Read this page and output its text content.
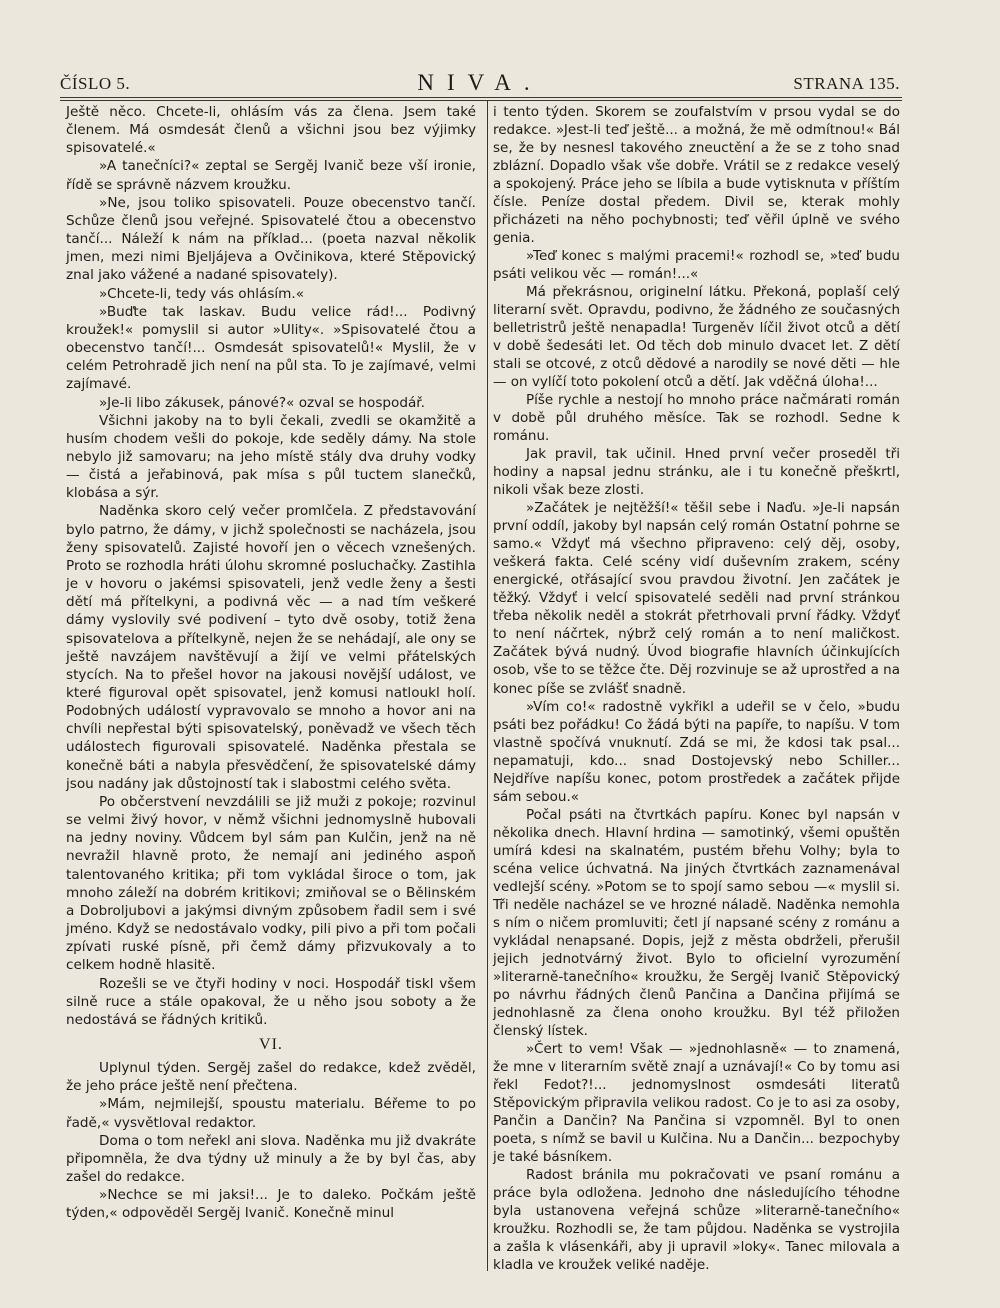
ČÍSLO 5.	NIVA.	STRANA 135.

Ještě něco. Chcete-li, ohlásím vás za člena. Jsem také členem. Má osmdesát členů a všichni jsou bez výjimky spisovatelé.«

»A tanečníci?« zeptal se Sergěj Ivanič beze vší ironie, řídě se správně názvem kroužku.

»Ne, jsou toliko spisovateli. Pouze obecenstvo tančí. Schůze členů jsou veřejné. Spisovatelé čtou a obecenstvo tančí... Náleží k nám na příklad... (poeta nazval několik jmen, mezi nimi Bjeljájeva a Ovčinikova, které Stěpovický znal jako vážené a nadané spisovately).

»Chcete-li, tedy vás ohlásím.«

»Buďte tak laskav. Budu velice rád!... Podivný kroužek!« pomyslil si autor »Ulity«. »Spisovatelé čtou a obecenstvo tančí!... Osmdesát spisovatelů!« Myslil, že v celém Petrohradě jich není na půl sta. To je zajímavé, velmi zajímavé.

»Je-li libo zákusek, pánové?« ozval se hospodář.

Všichni jakoby na to byli čekali, zvedli se okamžitě a husím chodem vešli do pokoje, kde seděly dámy. Na stole nebylo již samovaru; na jeho místě stály dva druhy vodky — čistá a jeřabinová, pak mísa s půl tuctem slanečků, klobása a sýr.

Naděnka skoro celý večer promlčela. Z představování bylo patrno, že dámy, v jichž společnosti se nacházela, jsou ženy spisovatelů. Zajisté hovoří jen o věcech vznešených. Proto se rozhodla hráti úlohu skromné posluchačky. Zastihla je v hovoru o jakémsi spisovateli, jenž vedle ženy a šesti dětí má přítelkyni, a podivná věc — a nad tím veškeré dámy vyslovily své podivení – tyto dvě osoby, totiž žena spisovatelova a přítelkyně, nejen že se nehádají, ale ony se ještě navzájem navštěvují a žijí ve velmi přátelských stycích. Na to přešel hovor na jakousi novější událost, ve které figuroval opět spisovatel, jenž komusi natloukl holí. Podobných událostí vypravovalo se mnoho a hovor ani na chvíli nepřestal býti spisovatelský, poněvadž ve všech těch událostech figurovali spisovatelé. Naděnka přestala se konečně báti a nabyla přesvědčení, že spisovatelské dámy jsou nadány jak důstojností tak i slabostmi celého světa.

Po občerstvení nevzdálili se již muži z pokoje; rozvinul se velmi živý hovor, v němž všichni jednomyslně hubovali na jedny noviny. Vůdcem byl sám pan Kulčin, jenž na ně nevražil hlavně proto, že nemají ani jediného aspoň talentovaného kritika; při tom vykládal široce o tom, jak mnoho záleží na dobrém kritikovi; zmiňoval se o Bělinském a Dobroljubovi a jakýmsi divným způsobem řadil sem i své jméno. Když se nedostávalo vodky, pili pivo a při tom počali zpívati ruské písně, při čemž dámy přizvukovaly a to celkem hodně hlasitě.

Rozešli se ve čtyři hodiny v noci. Hospodář tiskl všem silně ruce a stále opakoval, že u něho jsou soboty a že nedostává se řádných kritiků.

VI.

Uplynul týden. Sergěj zašel do redakce, kdež zvěděl, že jeho práce ještě není přečtena.

»Mám, nejmilejší, spoustu materialu. Béřeme to po řadě,« vysvětloval redaktor.

Doma o tom neřekl ani slova. Naděnka mu již dvakráte připomněla, že dva týdny už minuly a že by byl čas, aby zašel do redakce.

»Nechce se mi jaksi!... Je to daleko. Počkám ještě týden,« odpověděl Sergěj Ivanič. Konečně minul

i tento týden. Skorem se zoufalstvím v prsou vydal se do redakce. »Jest-li teď ještě... a možná, že mě odmítnou!« Bál se, že by nesnesl takového zneuctění a že se z toho snad zblázní. Dopadlo však vše dobře. Vrátil se z redakce veselý a spokojený. Práce jeho se líbila a bude vytisknuta v příštím čísle. Peníze dostal předem. Divil se, kterak mohly přicházeti na něho pochybnosti; teď věřil úplně ve svého genia.

»Teď konec s malými pracemi!« rozhodl se, »teď budu psáti velikou věc — román!...«

Má překrásnou, originelní látku. Překoná, poplaší celý literarní svět. Opravdu, podivno, že žádného ze současných belletristrů ještě nenapadla! Turgeněv líčil život otců a dětí v době šedesáti let. Od těch dob minulo dvacet let. Z dětí stali se otcové, z otců dědové a narodily se nové děti — hle — on vylíčí toto pokolení otců a dětí. Jak vděčná úloha!...

Píše rychle a nestojí ho mnoho práce načmárati román v době půl druhého měsíce. Tak se rozhodl. Sedne k románu.

Jak pravil, tak učinil. Hned první večer proseděl tři hodiny a napsal jednu stránku, ale i tu konečně přeškrtl, nikoli však beze zlosti.

»Začátek je nejtěžší!« těšil sebe i Naďu. »Je-li napsán první oddíl, jakoby byl napsán celý román Ostatní pohrne se samo.« Vždyť má všechno připraveno: celý děj, osoby, veškerá fakta. Celé scény vidí duševním zrakem, scény energické, otřásající svou pravdou životní. Jen začátek je těžký. Vždyť i velcí spisovatelé seděli nad první stránkou třeba několik neděl a stokrát přetrhovali první řádky. Vždyť to není náčrtek, nýbrž celý román a to není maličkost. Začátek bývá nudný. Úvod biografie hlavních účinkujících osob, vše to se těžce čte. Děj rozvinuje se až uprostřed a na konec píše se zvlášť snadně.

»Vím co!« radostně vykřikl a udeřil se v čelo, »budu psáti bez pořádku! Co žádá býti na papíře, to napíšu. V tom vlastně spočívá vnuknutí. Zdá se mi, že kdosi tak psal... nepamatuji, kdo... snad Dostojevský nebo Schiller... Nejdříve napíšu konec, potom prostředek a začátek přijde sám sebou.«

Počal psáti na čtvrtkách papíru. Konec byl napsán v několika dnech. Hlavní hrdina — samotinký, všemi opuštěn umírá kdesi na skalnatém, pustém břehu Volhy; byla to scéna velice úchvatná. Na jiných čtvrtkách zaznamenával vedlejší scény. »Potom se to spojí samo sebou —« myslil si. Tři neděle nacházel se ve hrozné náladě. Naděnka nemohla s ním o ničem promluviti; četl jí napsané scény z románu a vykládal nenapsané. Dopis, jejž z města obdrželi, přerušil jejich jednotvárný život. Bylo to oficielní vyrozumění »literarně-tanečního« kroužku, že Sergěj Ivanič Stěpovický po návrhu řádných členů Pančina a Dančina přijímá se jednohlasně za člena onoho kroužku. Byl též přiložen členský lístek.

»Čert to vem! Však — »jednohlasně« — to znamená, že mne v literarním světě znají a uznávají!« Co by tomu asi řekl Fedot?!... jednomyslnost osmdesáti literatů Stěpovickým připravila velikou radost. Co je to asi za osoby, Pančin a Dančin? Na Pančina si vzpomněl. Byl to onen poeta, s nímž se bavil u Kulčina. Nu a Dančin... bezpochyby je také básníkem.

Radost bránila mu pokračovati ve psaní románu a práce byla odložena. Jednoho dne následujícího téhodne byla ustanovena veřejná schůze »literarně-tanečního« kroužku. Rozhodli se, že tam půjdou. Naděnka se vystrojila a zašla k vlásenkáři, aby ji upravil »loky«. Tanec milovala a kladla ve kroužek veliké naděje.
